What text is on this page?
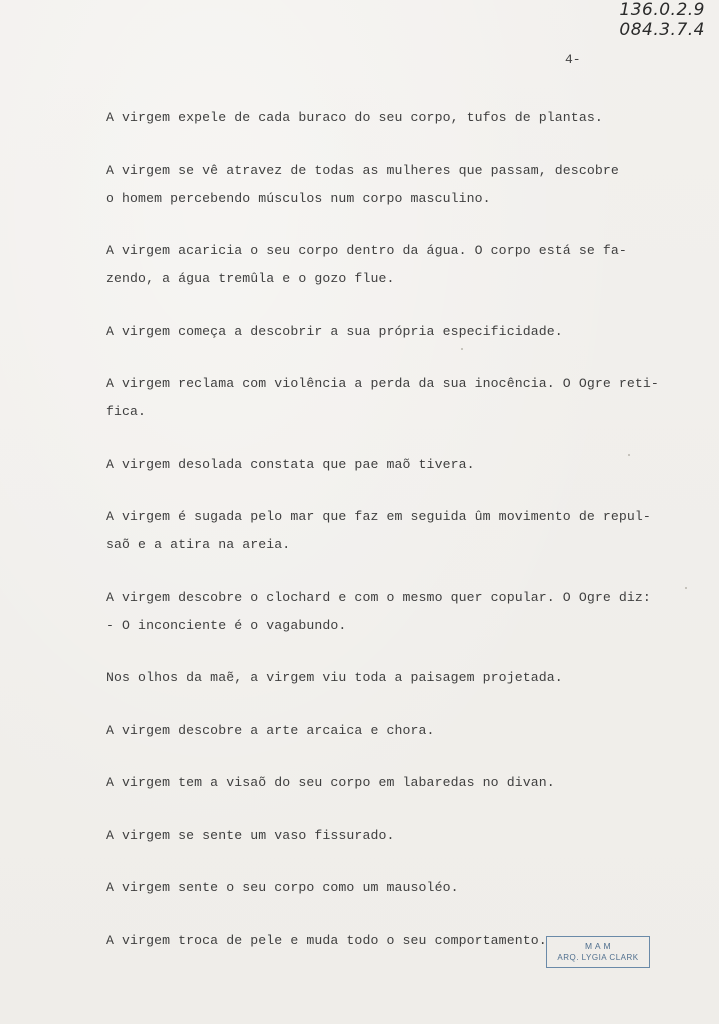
136.0.2.9
084.3.7.4
4-

A virgem expele de cada buraco do seu corpo, tufos de plantas.

A virgem se vê atravez de todas as mulheres que passam, descobre
o homem percebendo músculos num corpo masculino.

A virgem acaricia o seu corpo dentro da água. O corpo está se fa-
zendo, a água tremûla e o gozo flue.

A virgem começa a descobrir a sua própria especificidade.

A virgem reclama com violência a perda da sua inocência. O Ogre reti-
fica.

A virgem desolada constata que pae maõ tivera.

A virgem é sugada pelo mar que faz em seguida ûm movimento de repul-
saõ e a atira na areia.

A virgem descobre o clochard e com o mesmo quer copular. O Ogre diz:
- O inconciente é o vagabundo.

Nos olhos da maẽ, a virgem viu toda a paisagem projetada.

A virgem descobre a arte arcaica e chora.

A virgem tem a visaõ do seu corpo em labaredas no divan.

A virgem se sente um vaso fissurado.

A virgem sente o seu corpo como um mausoléo.

A virgem troca de pele e muda todo o seu comportamento.	M A M
ARQ. LYGIA CLARK
